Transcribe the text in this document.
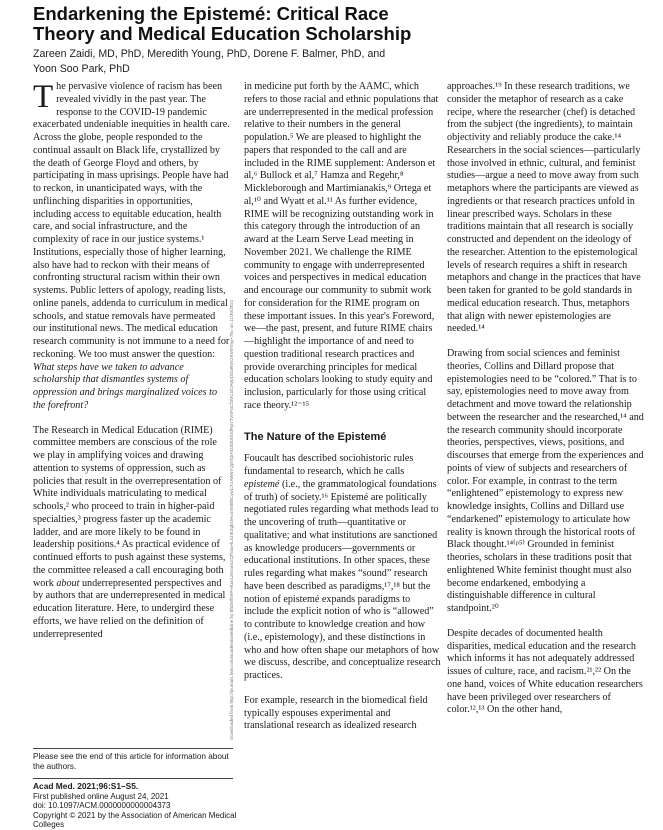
Endarkening the Epistemé: Critical Race Theory and Medical Education Scholarship
Zareen Zaidi, MD, PhD, Meredith Young, PhD, Dorene F. Balmer, PhD, and Yoon Soo Park, PhD

The pervasive violence of racism has been revealed vividly in the past year. The response to the COVID-19 pandemic exacerbated undeniable inequities in health care. Across the globe, people responded to the continual assault on Black life, crystallized by the death of George Floyd and others, by participating in mass uprisings. People have had to reckon, in unanticipated ways, with the unflinching disparities in opportunities, including access to equitable education, health care, and social infrastructure, and the complexity of race in our justice systems.¹ Institutions, especially those of higher learning, also have had to reckon with their means of confronting structural racism within their own systems. Public letters of apology, reading lists, online panels, addenda to curriculum in medical schools, and statue removals have permeated our institutional news. The medical education research community is not immune to a need for reckoning. We too must answer the question: What steps have we taken to advance scholarship that dismantles systems of oppression and brings marginalized voices to the forefront?

The Research in Medical Education (RIME) committee members are conscious of the role we play in amplifying voices and drawing attention to systems of oppression, such as policies that result in the overrepresentation of White individuals matriculating to medical schools,² who proceed to train in higher-paid specialties,³ progress faster up the academic ladder, and are more likely to be found in leadership positions.⁴ As practical evidence of continued efforts to push against these systems, the committee released a call encouraging both work about underrepresented perspectives and by authors that are underrepresented in medical education literature. Here, to undergird these efforts, we have relied on the definition of underrepresented	Downloaded from http://journals.lww.com/academicmedicine by BhDMf5ePHKav1zEoum1tQfN4a+kJLhEZgbsIHo4XMi0hCywCX1AWnYQp/IlQrHD3i3D0OdRyi7TvSFl4Cf3VC4/OAVpDDa8KKGKV0Ymy+78= on 11/30/2021

in medicine put forth by the AAMC, which refers to those racial and ethnic populations that are underrepresented in the medical profession relative to their numbers in the general population.⁵ We are pleased to highlight the papers that responded to the call and are included in the RIME supplement: Anderson et al,⁶ Bullock et al,⁷ Hamza and Regehr,⁸ Mickleborough and Martimianakis,⁹ Ortega et al,¹⁰ and Wyatt et al.¹¹ As further evidence, RIME will be recognizing outstanding work in this category through the introduction of an award at the Learn Serve Lead meeting in November 2021. We challenge the RIME community to engage with underrepresented voices and perspectives in medical education and encourage our community to submit work for consideration for the RIME program on these important issues. In this year's Foreword, we—the past, present, and future RIME chairs—highlight the importance of and need to question traditional research practices and provide overarching principles for medical education scholars looking to study equity and inclusion, particularly for those using critical race theory.¹²⁻¹⁵

The Nature of the Epistemé

Foucault has described sociohistoric rules fundamental to research, which he calls epistemé (i.e., the grammatological foundations of truth) of society.¹⁶ Epistemé are politically negotiated rules regarding what methods lead to the uncovering of truth—quantitative or qualitative; and what institutions are sanctioned as knowledge producers—governments or educational institutions. In other spaces, these rules regarding what makes “sound” research have been described as paradigms,¹⁷,¹⁸ but the notion of epistemé expands paradigms to include the explicit notion of who is “allowed” to contribute to knowledge creation and how (i.e., epistemology), and these distinctions in who and how often shape our metaphors of how we discuss, describe, and conceptualize research practices.

For example, research in the biomedical field typically espouses experimental and translational research as idealized research

approaches.¹⁹ In these research traditions, we consider the metaphor of research as a cake recipe, where the researcher (chef) is detached from the subject (the ingredients), to maintain objectivity and reliably produce the cake.¹⁴ Researchers in the social sciences—particularly those involved in ethnic, cultural, and feminist studies—argue a need to move away from such metaphors where the participants are viewed as ingredients or that research practices unfold in linear prescribed ways. Scholars in these traditions maintain that all research is socially constructed and dependent on the ideology of the researcher. Attention to the epistemological levels of research requires a shift in research metaphors and change in the practices that have been taken for granted to be gold standards in medical education research. Thus, metaphors that align with newer epistemologies are needed.¹⁴

Drawing from social sciences and feminist theories, Collins and Dillard propose that epistemologies need to be “colored.” That is to say, epistemologies need to move away from detachment and move toward the relationship between the researcher and the researched,¹⁴ and the research community should incorporate theories, perspectives, views, positions, and discourses that emerge from the experiences and points of view of subjects and researchers of color. For example, in contrast to the term “enlightened” epistemology to express new knowledge insights, Collins and Dillard use “endarkened” epistemology to articulate how reality is known through the historical roots of Black thought.¹⁴⁽ᵖ⁵⁾ Grounded in feminist theories, scholars in these traditions posit that enlightened White feminist thought must also become endarkened, embodying a distinguishable difference in cultural standpoint.²⁰

Despite decades of documented health disparities, medical education and the research which informs it has not adequately addressed issues of culture, race, and racism.²¹,²² On the one hand, voices of White education researchers have been privileged over researchers of color.¹²,¹³ On the other hand,

Please see the end of this article for information about the authors.
Acad Med. 2021;96:S1–S5.
First published online August 24, 2021
doi: 10.1097/ACM.0000000000004373
Copyright © 2021 by the Association of American Medical Colleges
